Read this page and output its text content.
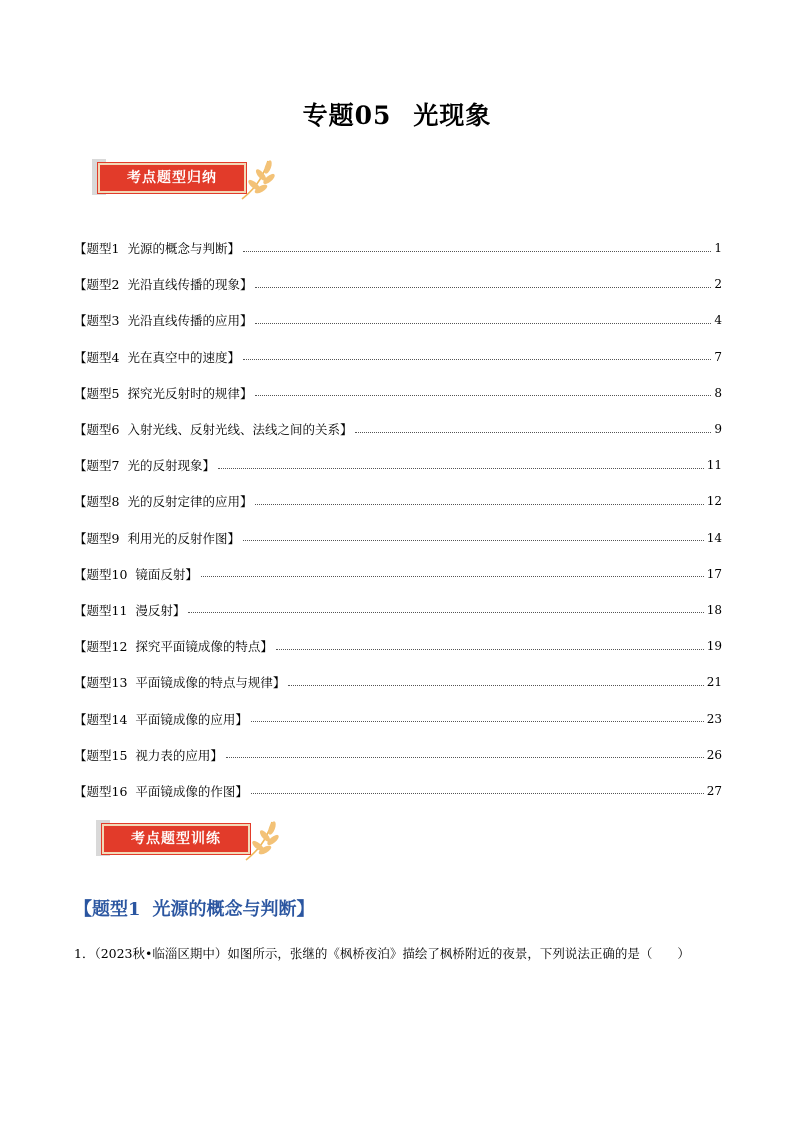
专题05 光现象
考点题型归纳
【题型1 光源的概念与判断】	1
【题型2 光沿直线传播的现象】	2
【题型3 光沿直线传播的应用】	4
【题型4 光在真空中的速度】	7
【题型5 探究光反射时的规律】	8
【题型6 入射光线、反射光线、法线之间的关系】	9
【题型7 光的反射现象】	11
【题型8 光的反射定律的应用】	12
【题型9 利用光的反射作图】	14
【题型10 镜面反射】	17
【题型11 漫反射】	18
【题型12 探究平面镜成像的特点】	19
【题型13 平面镜成像的特点与规律】	21
【题型14 平面镜成像的应用】	23
【题型15 视力表的应用】	26
【题型16 平面镜成像的作图】	27
考点题型训练
【题型1 光源的概念与判断】
1．（2023秋•临淄区期中）如图所示，张继的《枫桥夜泊》描绘了枫桥附近的夜景，下列说法正确的是（　　）
